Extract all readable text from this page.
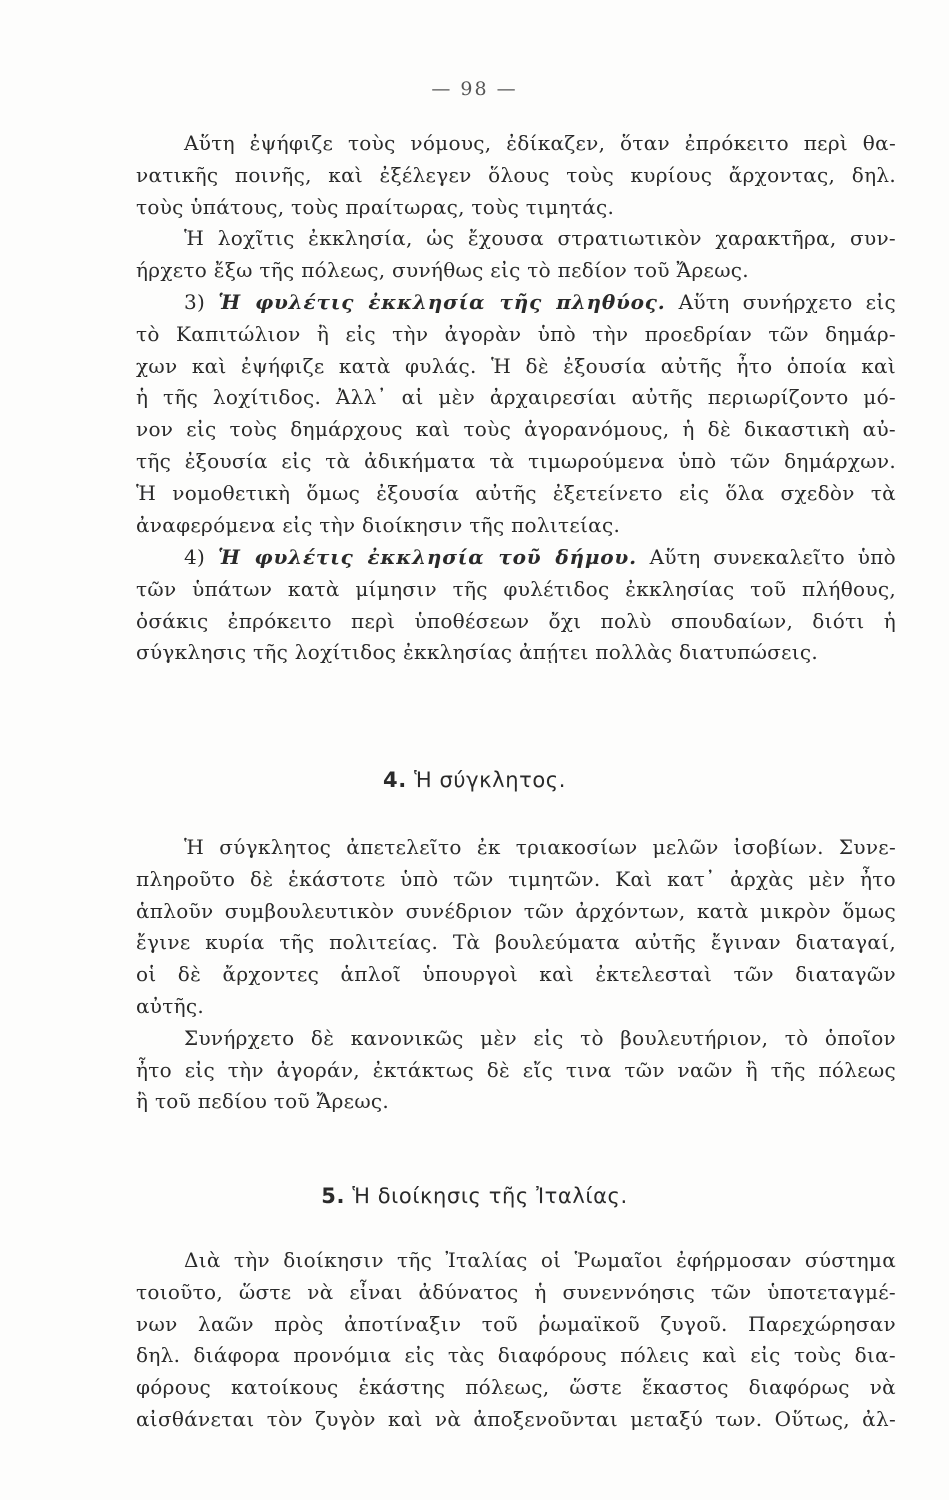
— 98 —
Αὕτη ἐψήφιζε τοὺς νόμους, ἐδίκαζεν, ὅταν ἐπρόκειτο περὶ θα-
νατικῆς ποινῆς, καὶ ἐξέλεγεν ὅλους τοὺς κυρίους ἄρχοντας, δηλ.
τοὺς ὑπάτους, τοὺς πραίτωρας, τοὺς τιμητάς.
Ἡ λοχῖτις ἐκκλησία, ὡς ἔχουσα στρατιωτικὸν χαρακτῆρα, συν-
ήρχετο ἔξω τῆς πόλεως, συνήθως εἰς τὸ πεδίον τοῦ Ἄρεως.
3) Ἡ φυλέτις ἐκκλησία τῆς πληθύος. Αὕτη συνήρχετο εἰς
τὸ Καπιτώλιον ἢ εἰς τὴν ἀγορὰν ὑπὸ τὴν προεδρίαν τῶν δημάρ-
χων καὶ ἐψήφιζε κατὰ φυλάς. Ἡ δὲ ἐξουσία αὐτῆς ἦτο ὁποία καὶ
ἡ τῆς λοχίτιδος. Ἀλλ᾽ αἱ μὲν ἀρχαιρεσίαι αὐτῆς περιωρίζοντο μό-
νον εἰς τοὺς δημάρχους καὶ τοὺς ἀγορανόμους, ἡ δὲ δικαστικὴ αὐ-
τῆς ἐξουσία εἰς τὰ ἀδικήματα τὰ τιμωρούμενα ὑπὸ τῶν δημάρχων.
Ἡ νομοθετικὴ ὅμως ἐξουσία αὐτῆς ἐξετείνετο εἰς ὅλα σχεδὸν τὰ
ἀναφερόμενα εἰς τὴν διοίκησιν τῆς πολιτείας.
4) Ἡ φυλέτις ἐκκλησία τοῦ δήμου. Αὕτη συνεκαλεῖτο ὑπὸ
τῶν ὑπάτων κατὰ μίμησιν τῆς φυλέτιδος ἐκκλησίας τοῦ πλήθους,
ὁσάκις ἐπρόκειτο περὶ ὑποθέσεων ὄχι πολὺ σπουδαίων, διότι ἡ
σύγκλησις τῆς λοχίτιδος ἐκκλησίας ἀπῄτει πολλὰς διατυπώσεις.
4. Ἡ σύγκλητος.
Ἡ σύγκλητος ἀπετελεῖτο ἐκ τριακοσίων μελῶν ἰσοβίων. Συνε-
πληροῦτο δὲ ἑκάστοτε ὑπὸ τῶν τιμητῶν. Καὶ κατ᾽ ἀρχὰς μὲν ἦτο
ἁπλοῦν συμβουλευτικὸν συνέδριον τῶν ἀρχόντων, κατὰ μικρὸν ὅμως
ἔγινε κυρία τῆς πολιτείας. Τὰ βουλεύματα αὐτῆς ἔγιναν διαταγαί,
οἱ δὲ ἄρχοντες ἁπλοῖ ὑπουργοὶ καὶ ἐκτελεσταὶ τῶν διαταγῶν
αὐτῆς.
Συνήρχετο δὲ κανονικῶς μὲν εἰς τὸ βουλευτήριον, τὸ ὁποῖον
ἦτο εἰς τὴν ἀγοράν, ἐκτάκτως δὲ εἴς τινα τῶν ναῶν ἢ τῆς πόλεως
ἢ τοῦ πεδίου τοῦ Ἄρεως.
5. Ἡ διοίκησις τῆς Ἰταλίας.
Διὰ τὴν διοίκησιν τῆς Ἰταλίας οἱ Ῥωμαῖοι ἐφήρμοσαν σύστημα
τοιοῦτο, ὥστε νὰ εἶναι ἀδύνατος ἡ συνεννόησις τῶν ὑποτεταγμέ-
νων λαῶν πρὸς ἀποτίναξιν τοῦ ῥωμαϊκοῦ ζυγοῦ. Παρεχώρησαν
δηλ. διάφορα προνόμια εἰς τὰς διαφόρους πόλεις καὶ εἰς τοὺς δια-
φόρους κατοίκους ἑκάστης πόλεως, ὥστε ἕκαστος διαφόρως νὰ
αἰσθάνεται τὸν ζυγὸν καὶ νὰ ἀποξενοῦνται μεταξύ των. Οὕτως, ἀλ-
